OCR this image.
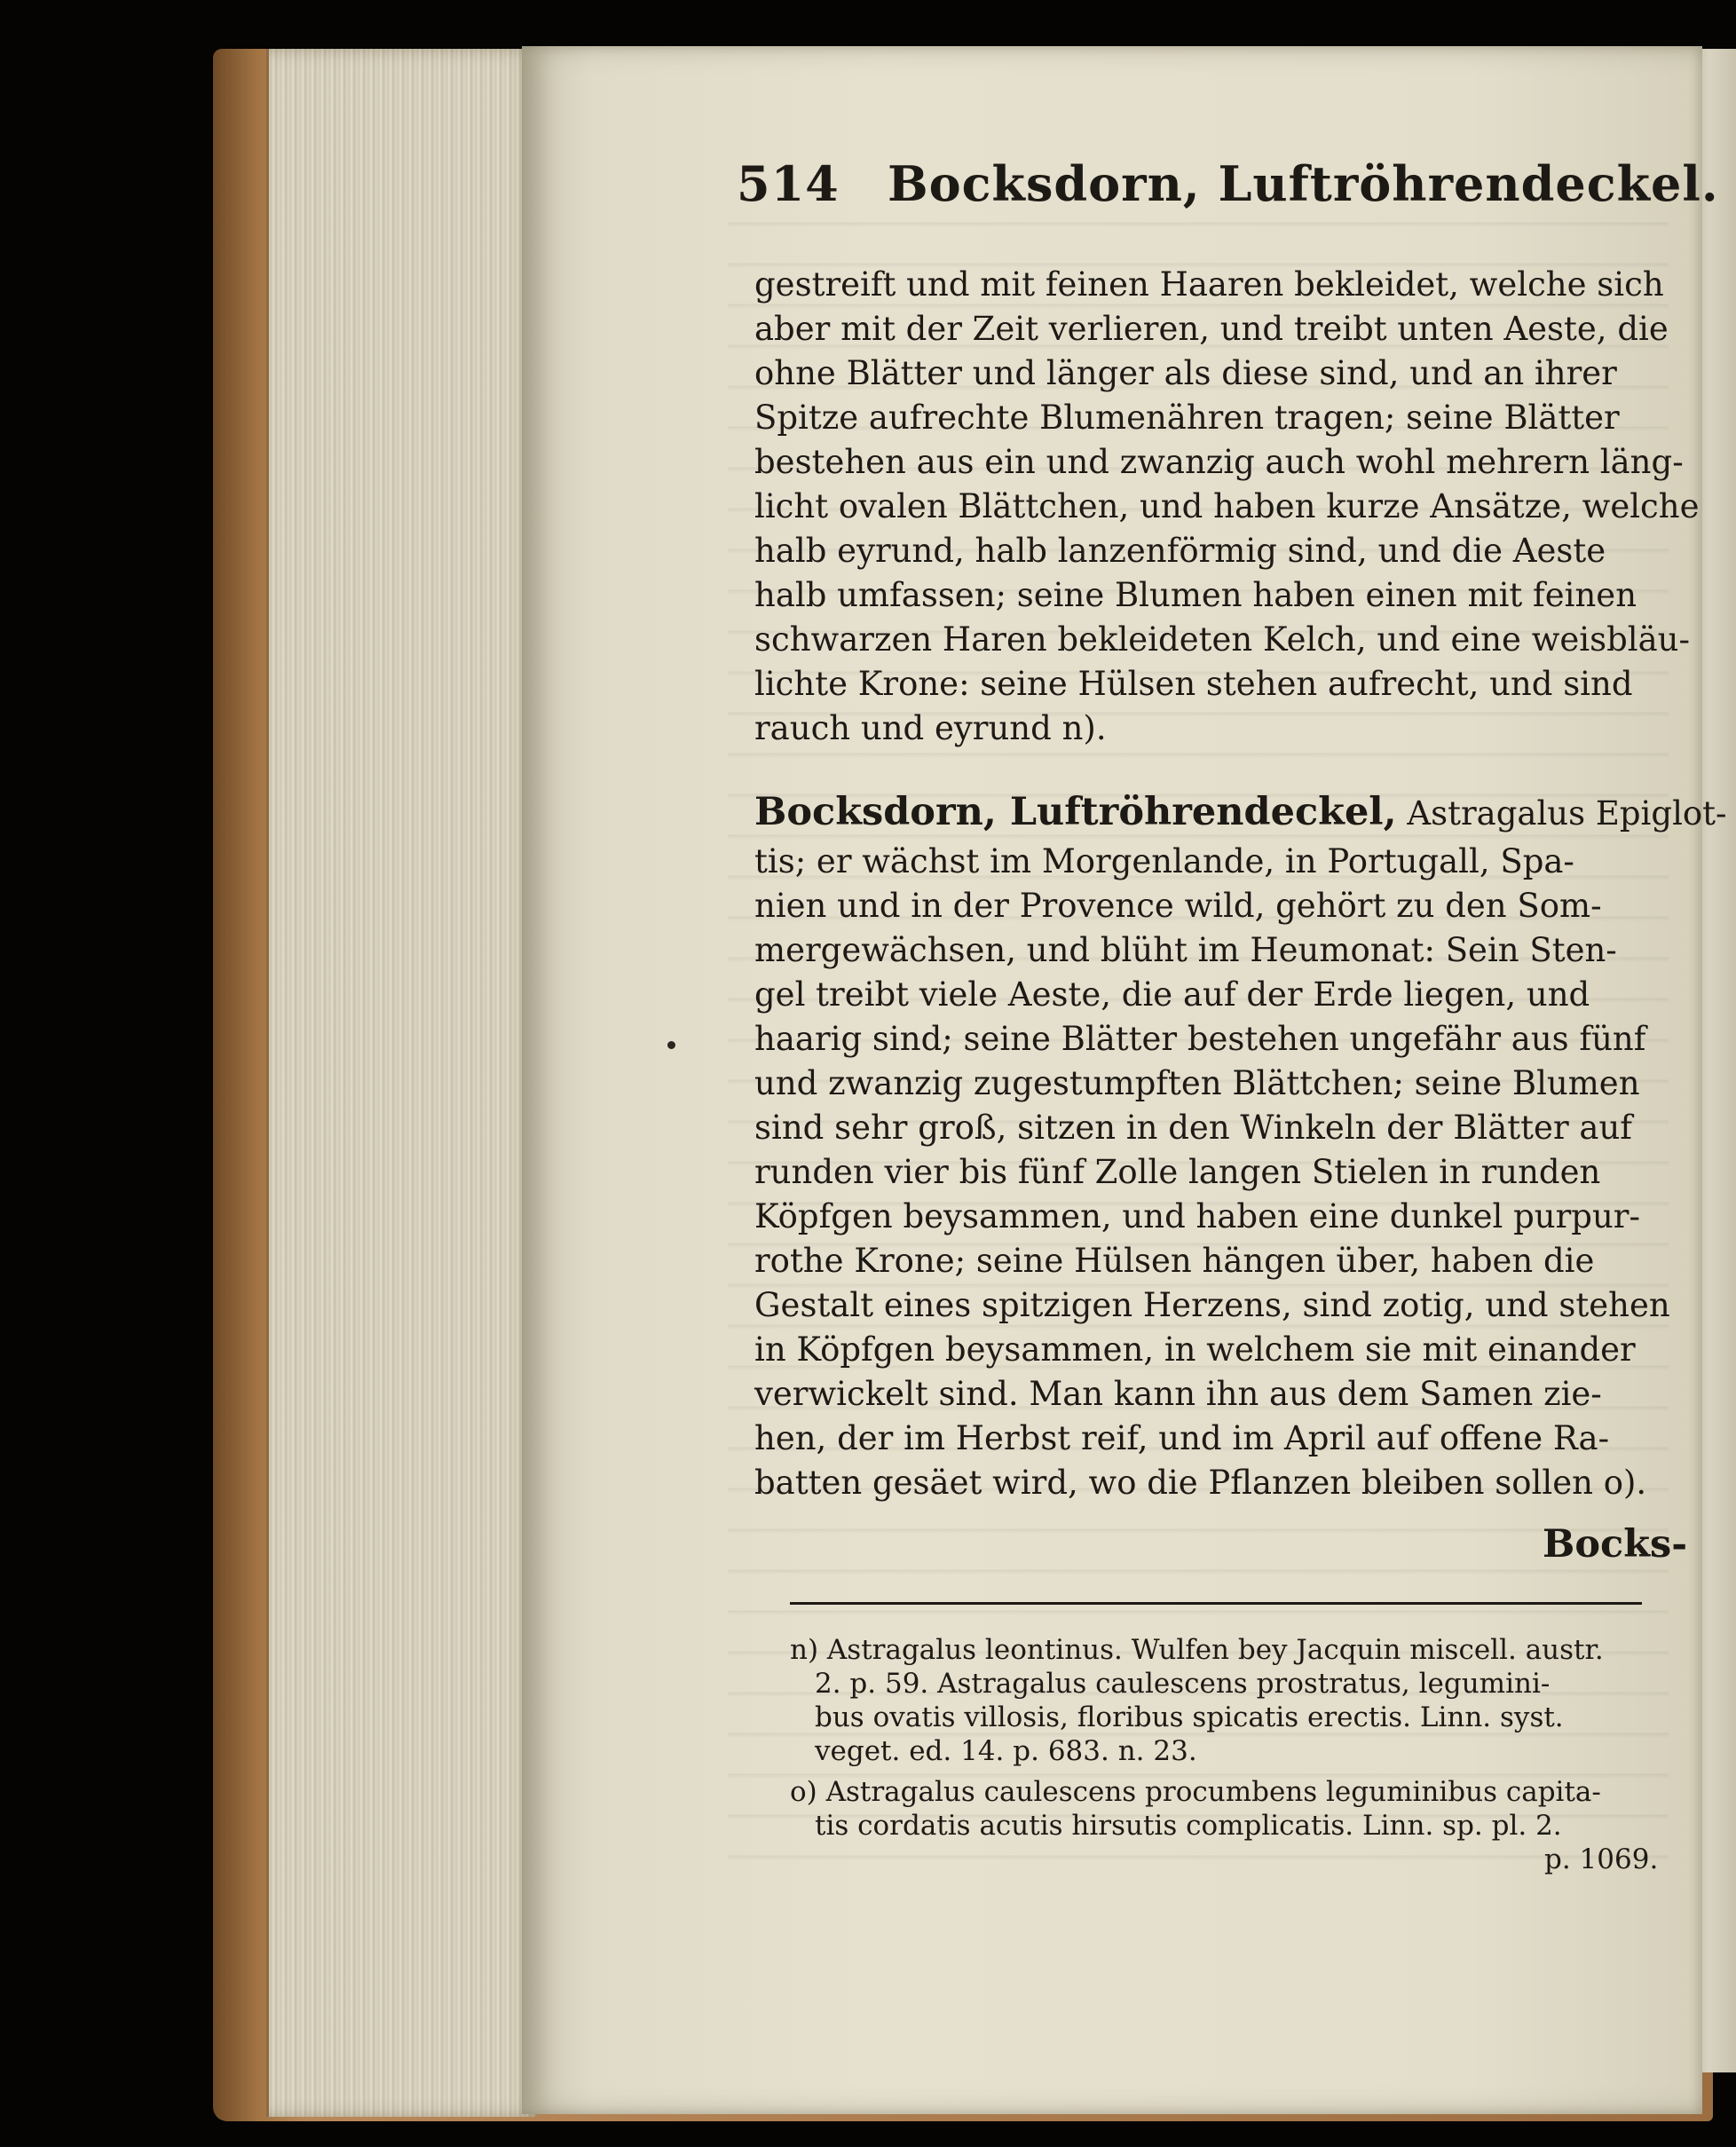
514 Bocksdorn, Luftröhrendeckel.
gestreift und mit feinen Haaren bekleidet, welche sich
aber mit der Zeit verlieren, und treibt unten Aeste, die
ohne Blätter und länger als diese sind, und an ihrer
Spitze aufrechte Blumenähren tragen; seine Blätter
bestehen aus ein und zwanzig auch wohl mehrern läng-
licht ovalen Blättchen, und haben kurze Ansätze, welche
halb eyrund, halb lanzenförmig sind, und die Aeste
halb umfassen; seine Blumen haben einen mit feinen
schwarzen Haren bekleideten Kelch, und eine weisbläu-
lichte Krone: seine Hülsen stehen aufrecht, und sind
rauch und eyrund n).
Bocksdorn, Luftröhrendeckel, Astragalus Epiglot-
tis; er wächst im Morgenlande, in Portugall, Spa-
nien und in der Provence wild, gehört zu den Som-
mergewächsen, und blüht im Heumonat: Sein Sten-
gel treibt viele Aeste, die auf der Erde liegen, und
haarig sind; seine Blätter bestehen ungefähr aus fünf
und zwanzig zugestumpften Blättchen; seine Blumen
sind sehr groß, sitzen in den Winkeln der Blätter auf
runden vier bis fünf Zolle langen Stielen in runden
Köpfgen beysammen, und haben eine dunkel purpur-
rothe Krone; seine Hülsen hängen über, haben die
Gestalt eines spitzigen Herzens, sind zotig, und stehen
in Köpfgen beysammen, in welchem sie mit einander
verwickelt sind. Man kann ihn aus dem Samen zie-
hen, der im Herbst reif, und im April auf offene Ra-
batten gesäet wird, wo die Pflanzen bleiben sollen o).
Bocks-
n) Astragalus leontinus. Wulfen bey Jacquin miscell. austr.
2. p. 59. Astragalus caulescens prostratus, legumini-
bus ovatis villosis, floribus spicatis erectis. Linn. syst.
veget. ed. 14. p. 683. n. 23.
o) Astragalus caulescens procumbens leguminibus capita-
tis cordatis acutis hirsutis complicatis. Linn. sp. pl. 2.
p. 1069.
